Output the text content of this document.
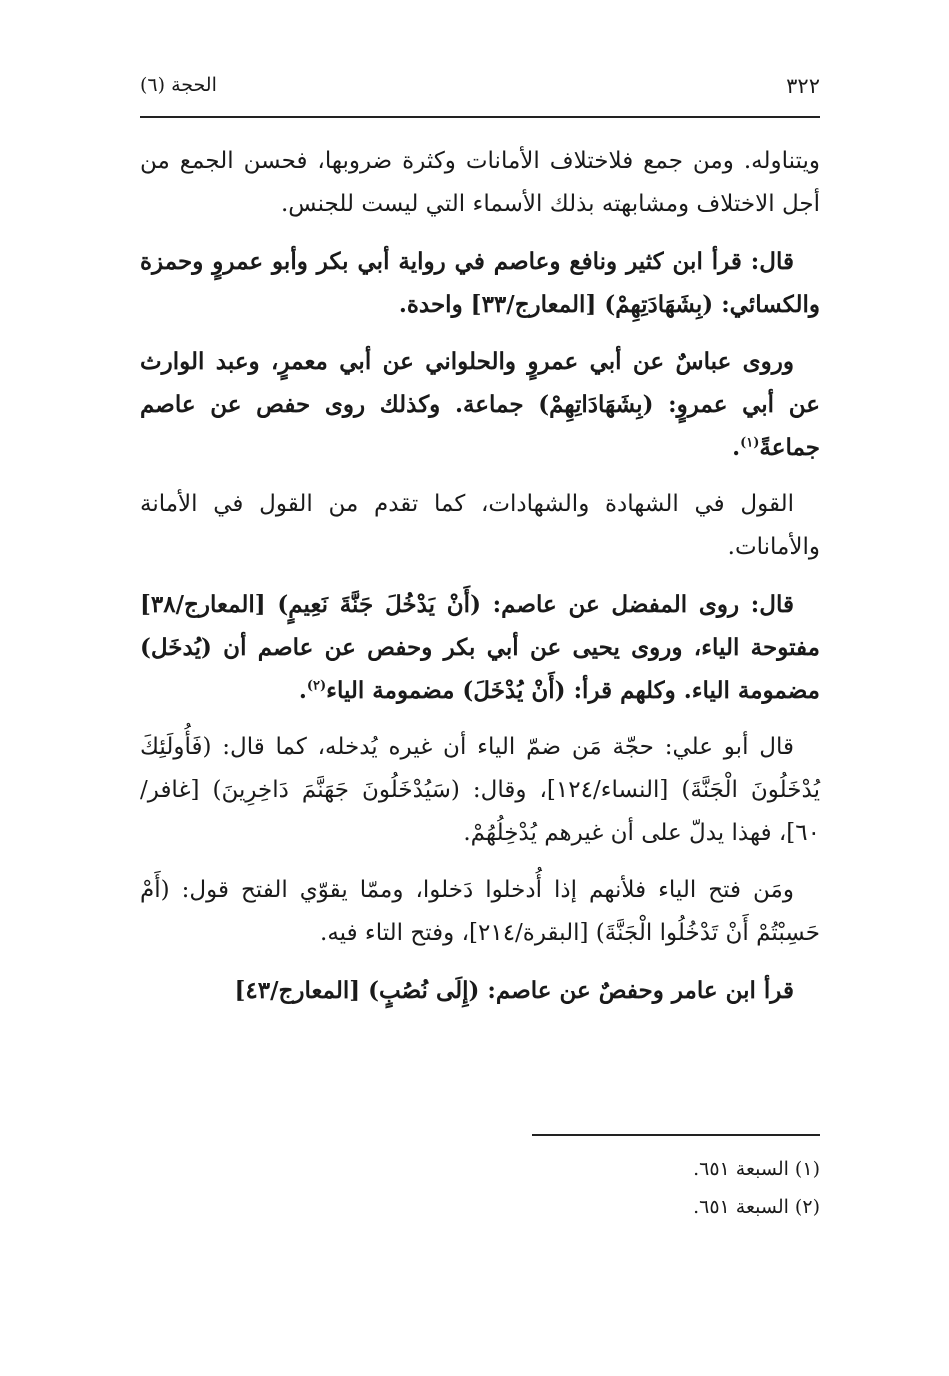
٣٢٢
الحجة (٦)

ويتناوله. ومن جمع فلاختلاف الأمانات وكثرة ضروبها، فحسن الجمع من أجل الاختلاف ومشابهته بذلك الأسماء التي ليست للجنس.

قال: قرأ ابن كثير ونافع وعاصم في رواية أبي بكر وأبو عمروٍ وحمزة والكسائي: (بِشَهَادَتِهِمْ) [المعارج/٣٣] واحدة.

وروى عباسٌ عن أبي عمروٍ والحلواني عن أبي معمرٍ، وعبد الوارث عن أبي عمروٍ: (بِشَهَادَاتِهِمْ) جماعة. وكذلك روى حفص عن عاصم جماعةً$^{(١)}$.

القول في الشهادة والشهادات، كما تقدم من القول في الأمانة والأمانات.

قال: روى المفضل عن عاصم: (أَنْ يَدْخُلَ جَنَّةَ نَعِيمٍ) [المعارج/٣٨] مفتوحة الياء، وروى يحيى عن أبي بكر وحفص عن عاصم أن (يُدخَل) مضمومة الياء. وكلهم قرأ: (أَنْ يُدْخَلَ) مضمومة الياء$^{(٢)}$.

قال أبو علي: حجّة مَن ضمّ الياء أن غيره يُدخله، كما قال: (فَأُولَئِكَ يُدْخَلُونَ الْجَنَّةَ) [النساء/١٢٤]، وقال: (سَيُدْخَلُونَ جَهَنَّمَ دَاخِرِينَ) [غافر/٦٠]، فهذا يدلّ على أن غيرهم يُدْخِلُهُمْ.

ومَن فتح الياء فلأنهم إذا أُدخلوا دَخلوا، وممّا يقوّي الفتح قول: (أَمْ حَسِبْتُمْ أَنْ تَدْخُلُوا الْجَنَّةَ) [البقرة/٢١٤]، وفتح التاء فيه.

قرأ ابن عامر وحفصٌ عن عاصم: (إِلَى نُصُبٍ) [المعارج/٤٣]

(١) السبعة ٦٥١.
(٢) السبعة ٦٥١.
